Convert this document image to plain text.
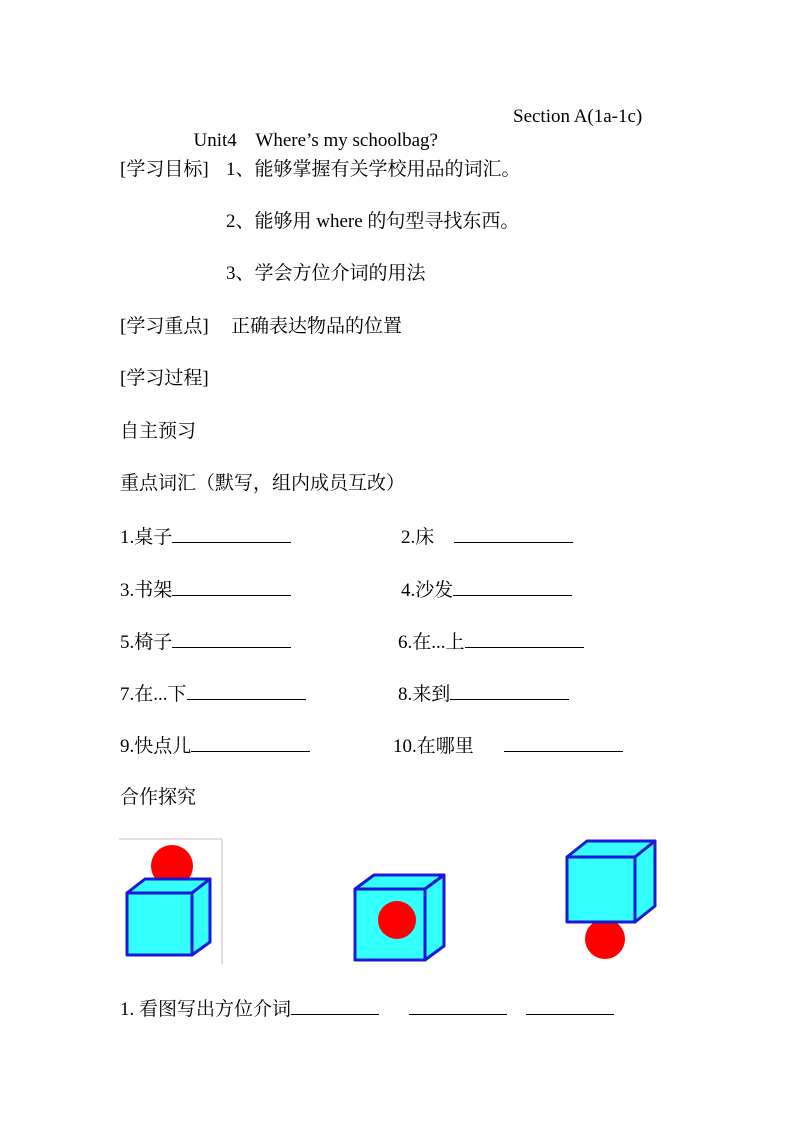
Unit4    Where’s my schoolbag?

Section A(1a-1c)

[学习目标] 1、能够掌握有关学校用品的词汇。
2、能够用 where 的句型寻找东西。
3、学会方位介词的用法
[学习重点] 正确表达物品的位置
[学习过程]
自主预习
重点词汇（默写，组内成员互改）
1.桌子	2.床
3.书架	4.沙发
5.椅子	6.在...上
7.在...下	8.来到
9.快点儿	10.在哪里
合作探究
1. 看图写出方位介词
